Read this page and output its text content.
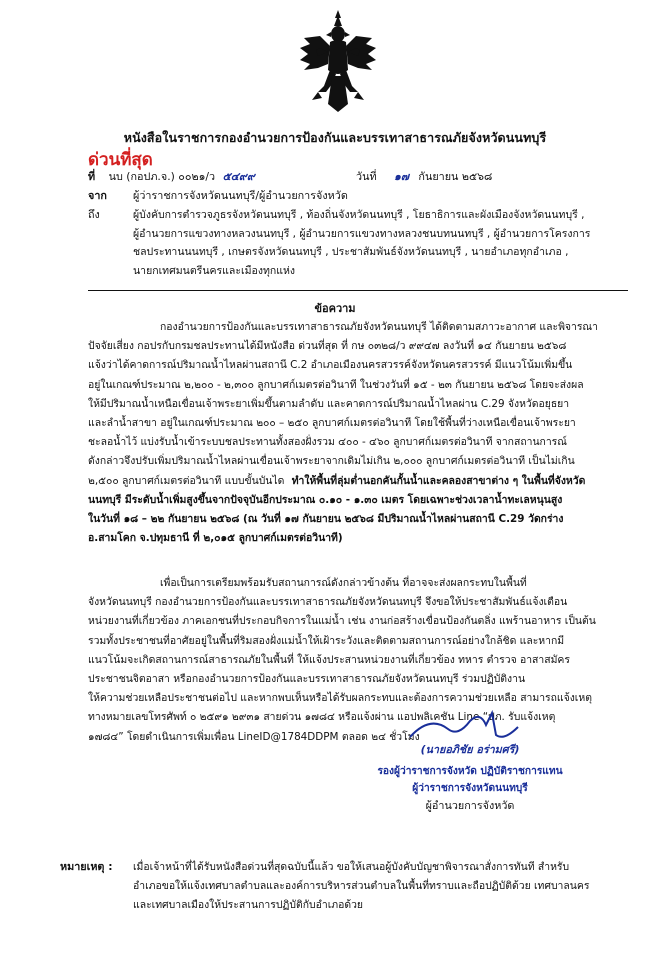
หนังสือในราชการกองอำนวยการป้องกันและบรรเทาสาธารณภัยจังหวัดนนทบุรี
ด่วนที่สุด
ที่ นบ (กอปภ.จ.) ๐๐๒๑/ว ๕๔๙๙	วันที่ ๑๗ กันยายน ๒๕๖๘
จาก ผู้ว่าราชการจังหวัดนนทบุรี/ผู้อำนวยการจังหวัด
ถึง	ผู้บังคับการตำรวจภูธรจังหวัดนนทบุรี , ท้องถิ่นจังหวัดนนทบุรี , โยธาธิการและผังเมืองจังหวัดนนทบุรี ,
ผู้อำนวยการแขวงทางหลวงนนทบุรี , ผู้อำนวยการแขวงทางหลวงชนบทนนทบุรี , ผู้อำนวยการโครงการ
ชลประทานนนทบุรี , เกษตรจังหวัดนนทบุรี , ประชาสัมพันธ์จังหวัดนนทบุรี , นายอำเภอทุกอำเภอ ,
นายกเทศมนตรีนครและเมืองทุกแห่ง
ข้อความ
กองอำนวยการป้องกันและบรรเทาสาธารณภัยจังหวัดนนทบุรี ได้ติดตามสภาวะอากาศ และพิจารณา
ปัจจัยเสี่ยง กอปรกับกรมชลประทานได้มีหนังสือ ด่วนที่สุด ที่ กษ ๐๓๒๘/ว ๙๙๔๗ ลงวันที่ ๑๔ กันยายน ๒๕๖๘
แจ้งว่าได้คาดการณ์ปริมาณน้ำไหลผ่านสถานี C.2 อำเภอเมืองนครสวรรค์จังหวัดนครสวรรค์ มีแนวโน้มเพิ่มขึ้น
อยู่ในเกณฑ์ประมาณ ๒,๒๐๐ - ๒,๓๐๐ ลูกบาศก์เมตรต่อวินาที ในช่วงวันที่ ๑๕ - ๒๓ กันยายน ๒๕๖๘ โดยจะส่งผล
ให้มีปริมาณน้ำเหนือเขื่อนเจ้าพระยาเพิ่มขึ้นตามลำดับ และคาดการณ์ปริมาณน้ำไหลผ่าน C.29 จังหวัดอยุธยา
และลำน้ำสาขา อยู่ในเกณฑ์ประมาณ ๒๐๐ – ๒๕๐ ลูกบาศก์เมตรต่อวินาที โดยใช้พื้นที่ว่างเหนือเขื่อนเจ้าพระยา
ชะลอน้ำไว้ แบ่งรับน้ำเข้าระบบชลประทานทั้งสองฝั่งรวม ๔๐๐ - ๔๖๐ ลูกบาศก์เมตรต่อวินาที จากสถานการณ์
ดังกล่าวจึงปรับเพิ่มปริมาณน้ำไหลผ่านเขื่อนเจ้าพระยาจากเดิมไม่เกิน ๒,๐๐๐ ลูกบาศก์เมตรต่อวินาที เป็นไม่เกิน
๒,๕๐๐ ลูกบาศก์เมตรต่อวินาที แบบขั้นบันได ทำให้พื้นที่ลุ่มต่ำนอกคันกั้นน้ำและคลองสาขาต่าง ๆ ในพื้นที่จังหวัด
นนทบุรี มีระดับน้ำเพิ่มสูงขึ้นจากปัจจุบันอีกประมาณ ๐.๑๐ - ๑.๓๐ เมตร โดยเฉพาะช่วงเวลาน้ำทะเลหนุนสูง
ในวันที่ ๑๘ – ๒๒ กันยายน ๒๕๖๘ (ณ วันที่ ๑๗ กันยายน ๒๕๖๘ มีปริมาณน้ำไหลผ่านสถานี C.29 วัดกร่าง
อ.สามโคก จ.ปทุมธานี ที่ ๒,๐๑๕ ลูกบาศก์เมตรต่อวินาที)
เพื่อเป็นการเตรียมพร้อมรับสถานการณ์ดังกล่าวข้างต้น ที่อาจจะส่งผลกระทบในพื้นที่
จังหวัดนนทบุรี กองอำนวยการป้องกันและบรรเทาสาธารณภัยจังหวัดนนทบุรี จึงขอให้ประชาสัมพันธ์แจ้งเตือน
หน่วยงานที่เกี่ยวข้อง ภาคเอกชนที่ประกอบกิจการในแม่น้ำ เช่น งานก่อสร้างเขื่อนป้องกันตลิ่ง แพร้านอาหาร เป็นต้น
รวมทั้งประชาชนที่อาศัยอยู่ในพื้นที่ริมสองฝั่งแม่น้ำให้เฝ้าระวังและติดตามสถานการณ์อย่างใกล้ชิด และหากมี
แนวโน้มจะเกิดสถานการณ์สาธารณภัยในพื้นที่ ให้แจ้งประสานหน่วยงานที่เกี่ยวข้อง ทหาร ตำรวจ อาสาสมัคร
ประชาชนจิตอาสา หรือกองอำนวยการป้องกันและบรรเทาสาธารณภัยจังหวัดนนทบุรี ร่วมปฏิบัติงาน
ให้ความช่วยเหลือประชาชนต่อไป และหากพบเห็นหรือได้รับผลกระทบและต้องการความช่วยเหลือ สามารถแจ้งเหตุ
ทางหมายเลขโทรศัพท์ ๐ ๒๕๙๑ ๒๙๓๑ สายด่วน ๑๗๘๔ หรือแจ้งผ่าน แอปพลิเคชัน Line “ปภ. รับแจ้งเหตุ
๑๗๘๔” โดยดำเนินการเพิ่มเพื่อน LineID@1784DDPM ตลอด ๒๔ ชั่วโมง
(นายอภิชัย อร่ามศรี)
รองผู้ว่าราชการจังหวัด ปฏิบัติราชการแทน
ผู้ว่าราชการจังหวัดนนทบุรี
ผู้อำนวยการจังหวัด
หมายเหตุ : เมื่อเจ้าหน้าที่ได้รับหนังสือด่วนที่สุดฉบับนี้แล้ว ขอให้เสนอผู้บังคับบัญชาพิจารณาสั่งการทันที สำหรับ
อำเภอขอให้แจ้งเทศบาลตำบลและองค์การบริหารส่วนตำบลในพื้นที่ทราบและถือปฏิบัติด้วย เทศบาลนคร
และเทศบาลเมืองให้ประสานการปฏิบัติกับอำเภอด้วย
